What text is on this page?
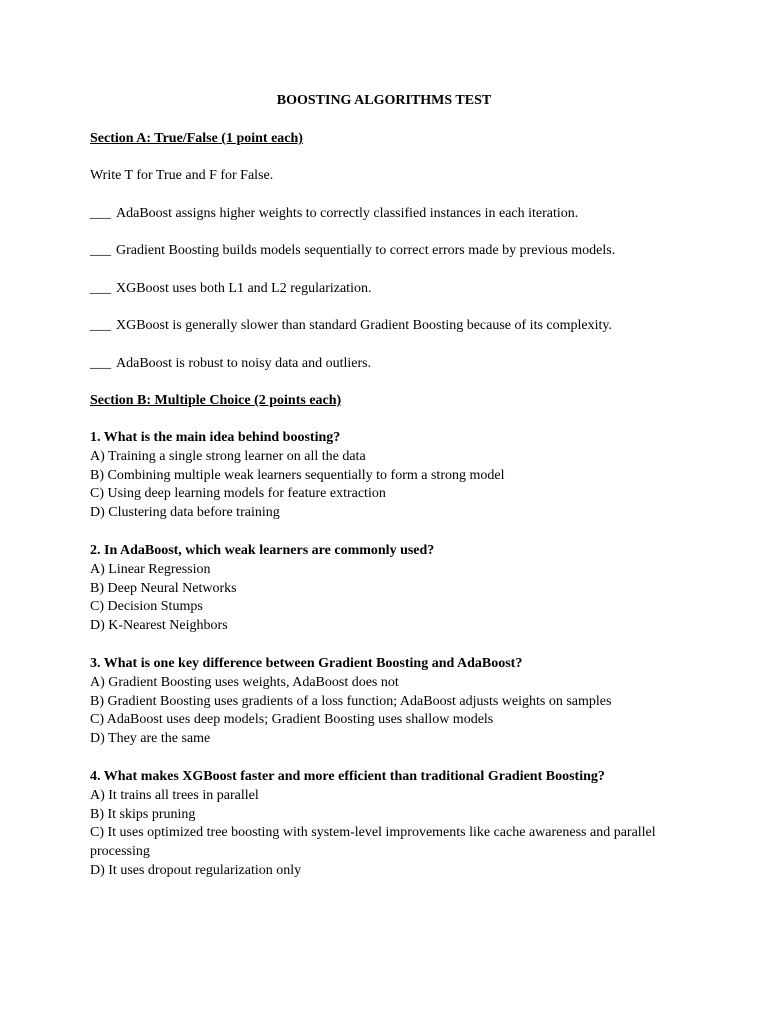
BOOSTING ALGORITHMS TEST
Section A: True/False (1 point each)
Write T for True and F for False.
___ AdaBoost assigns higher weights to correctly classified instances in each iteration.
___ Gradient Boosting builds models sequentially to correct errors made by previous models.
___ XGBoost uses both L1 and L2 regularization.
___ XGBoost is generally slower than standard Gradient Boosting because of its complexity.
___ AdaBoost is robust to noisy data and outliers.
Section B: Multiple Choice (2 points each)
1. What is the main idea behind boosting?
A) Training a single strong learner on all the data
B) Combining multiple weak learners sequentially to form a strong model
C) Using deep learning models for feature extraction
D) Clustering data before training
2. In AdaBoost, which weak learners are commonly used?
A) Linear Regression
B) Deep Neural Networks
C) Decision Stumps
D) K-Nearest Neighbors
3. What is one key difference between Gradient Boosting and AdaBoost?
A) Gradient Boosting uses weights, AdaBoost does not
B) Gradient Boosting uses gradients of a loss function; AdaBoost adjusts weights on samples
C) AdaBoost uses deep models; Gradient Boosting uses shallow models
D) They are the same
4. What makes XGBoost faster and more efficient than traditional Gradient Boosting?
A) It trains all trees in parallel
B) It skips pruning
C) It uses optimized tree boosting with system-level improvements like cache awareness and parallel processing
D) It uses dropout regularization only
